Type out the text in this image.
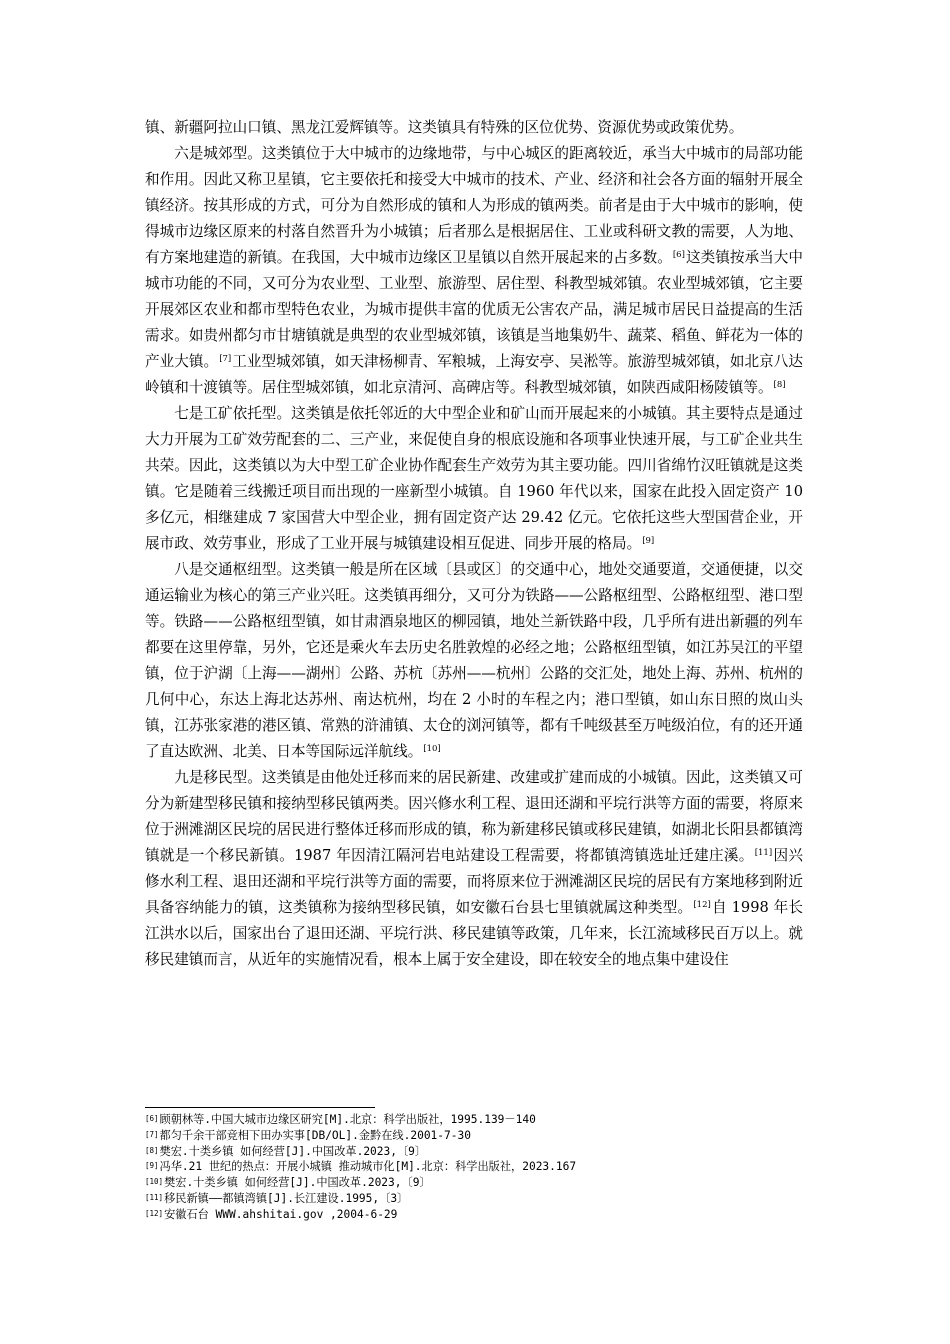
镇、新疆阿拉山口镇、黑龙江爱辉镇等。这类镇具有特殊的区位优势、资源优势或政策优势。

六是城郊型。这类镇位于大中城市的边缘地带，与中心城区的距离较近，承当大中城市的局部功能和作用。因此又称卫星镇，它主要依托和接受大中城市的技术、产业、经济和社会各方面的辐射开展全镇经济。按其形成的方式，可分为自然形成的镇和人为形成的镇两类。前者是由于大中城市的影响，使得城市边缘区原来的村落自然晋升为小城镇；后者那么是根据居住、工业或科研文教的需要，人为地、有方案地建造的新镇。在我国，大中城市边缘区卫星镇以自然开展起来的占多数。[6]这类镇按承当大中城市功能的不同，又可分为农业型、工业型、旅游型、居住型、科教型城郊镇。农业型城郊镇，它主要开展郊区农业和都市型特色农业，为城市提供丰富的优质无公害农产品，满足城市居民日益提高的生活需求。如贵州都匀市甘塘镇就是典型的农业型城郊镇，该镇是当地集奶牛、蔬菜、稻鱼、鲜花为一体的产业大镇。[7]工业型城郊镇，如天津杨柳青、军粮城，上海安亭、吴淞等。旅游型城郊镇，如北京八达岭镇和十渡镇等。居住型城郊镇，如北京清河、高碑店等。科教型城郊镇，如陕西咸阳杨陵镇等。[8]

七是工矿依托型。这类镇是依托邻近的大中型企业和矿山而开展起来的小城镇。其主要特点是通过大力开展为工矿效劳配套的二、三产业，来促使自身的根底设施和各项事业快速开展，与工矿企业共生共荣。因此，这类镇以为大中型工矿企业协作配套生产效劳为其主要功能。四川省绵竹汉旺镇就是这类镇。它是随着三线搬迁项目而出现的一座新型小城镇。自 1960 年代以来，国家在此投入固定资产 10 多亿元，相继建成 7 家国营大中型企业，拥有固定资产达 29.42 亿元。它依托这些大型国营企业，开展市政、效劳事业，形成了工业开展与城镇建设相互促进、同步开展的格局。[9]

八是交通枢纽型。这类镇一般是所在区域〔县或区〕的交通中心，地处交通要道，交通便捷，以交通运输业为核心的第三产业兴旺。这类镇再细分，又可分为铁路——公路枢纽型、公路枢纽型、港口型等。铁路——公路枢纽型镇，如甘肃酒泉地区的柳园镇，地处兰新铁路中段，几乎所有进出新疆的列车都要在这里停靠，另外，它还是乘火车去历史名胜敦煌的必经之地；公路枢纽型镇，如江苏吴江的平望镇，位于沪湖〔上海——湖州〕公路、苏杭〔苏州——杭州〕公路的交汇处，地处上海、苏州、杭州的几何中心，东达上海北达苏州、南达杭州，均在 2 小时的车程之内；港口型镇，如山东日照的岚山头镇，江苏张家港的港区镇、常熟的浒浦镇、太仓的浏河镇等，都有千吨级甚至万吨级泊位，有的还开通了直达欧洲、北美、日本等国际远洋航线。[10]

九是移民型。这类镇是由他处迁移而来的居民新建、改建或扩建而成的小城镇。因此，这类镇又可分为新建型移民镇和接纳型移民镇两类。因兴修水利工程、退田还湖和平垸行洪等方面的需要，将原来位于洲滩湖区民垸的居民进行整体迁移而形成的镇，称为新建移民镇或移民建镇，如湖北长阳县都镇湾镇就是一个移民新镇。1987 年因清江隔河岩电站建设工程需要，将都镇湾镇选址迁建庄溪。[11]因兴修水利工程、退田还湖和平垸行洪等方面的需要，而将原来位于洲滩湖区民垸的居民有方案地移到附近具备容纳能力的镇，这类镇称为接纳型移民镇，如安徽石台县七里镇就属这种类型。[12]自 1998 年长江洪水以后，国家出台了退田还湖、平垸行洪、移民建镇等政策，几年来，长江流域移民百万以上。就移民建镇而言，从近年的实施情况看，根本上属于安全建设，即在较安全的地点集中建设住

[6]顾朝林等.中国大城市边缘区研究[M].北京：科学出版社，1995.139－140
[7]都匀千余干部竞相下田办实事[DB/OL].金黔在线.2001-7-30
[8]樊宏.十类乡镇 如何经营[J].中国改革.2023,〔9〕
[9]冯华.21 世纪的热点：开展小城镇 推动城市化[M].北京：科学出版社，2023.167
[10]樊宏.十类乡镇 如何经营[J].中国改革.2023,〔9〕
[11]移民新镇——都镇湾镇[J].长江建设.1995,〔3〕
[12]安徽石台 WWW.ahshitai.gov ,2004-6-29
